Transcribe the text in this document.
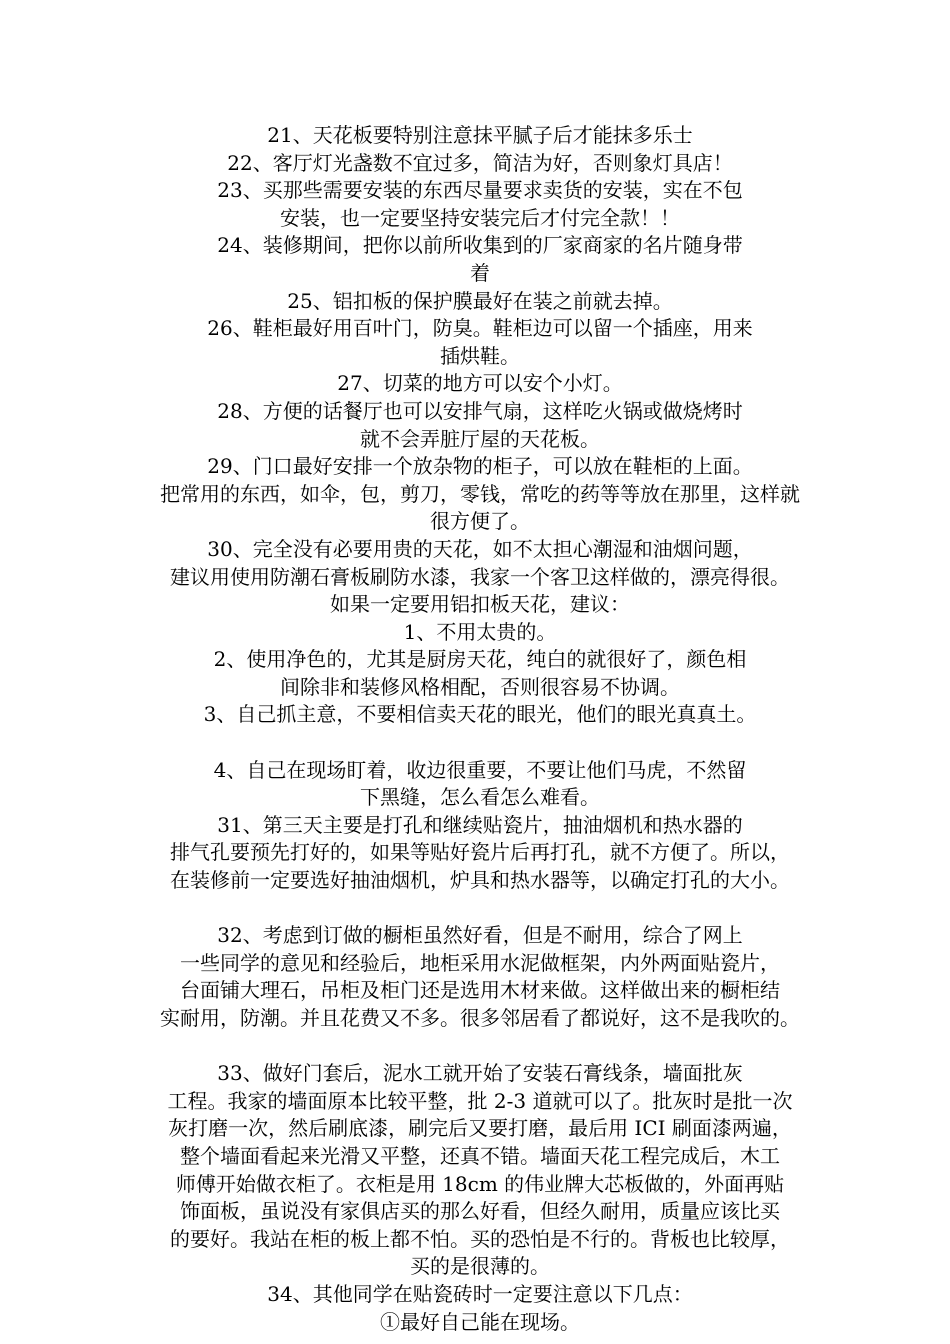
21、天花板要特别注意抹平腻子后才能抹多乐士
22、客厅灯光盏数不宜过多，简洁为好，否则象灯具店！
23、买那些需要安装的东西尽量要求卖货的安装，实在不包
安装，也一定要坚持安装完后才付完全款！！
24、装修期间，把你以前所收集到的厂家商家的名片随身带
着
25、铝扣板的保护膜最好在装之前就去掉。
26、鞋柜最好用百叶门，防臭。鞋柜边可以留一个插座，用来
插烘鞋。
27、切菜的地方可以安个小灯。
28、方便的话餐厅也可以安排气扇，这样吃火锅或做烧烤时
就不会弄脏厅屋的天花板。
29、门口最好安排一个放杂物的柜子，可以放在鞋柜的上面。
把常用的东西，如伞，包，剪刀，零钱，常吃的药等等放在那里，这样就
很方便了。
30、完全没有必要用贵的天花，如不太担心潮湿和油烟问题，
建议用使用防潮石膏板刷防水漆，我家一个客卫这样做的，漂亮得很。
如果一定要用铝扣板天花，建议：
1、不用太贵的。
2、使用净色的，尤其是厨房天花，纯白的就很好了，颜色相
间除非和装修风格相配，否则很容易不协调。
3、自己抓主意，不要相信卖天花的眼光，他们的眼光真真土。
4、自己在现场盯着，收边很重要，不要让他们马虎，不然留
下黑缝，怎么看怎么难看。
31、第三天主要是打孔和继续贴瓷片，抽油烟机和热水器的
排气孔要预先打好的，如果等贴好瓷片后再打孔，就不方便了。所以，
在装修前一定要选好抽油烟机，炉具和热水器等，以确定打孔的大小。
32、考虑到订做的橱柜虽然好看，但是不耐用，综合了网上
一些同学的意见和经验后，地柜采用水泥做框架，内外两面贴瓷片，
台面铺大理石，吊柜及柜门还是选用木材来做。这样做出来的橱柜结
实耐用，防潮。并且花费又不多。很多邻居看了都说好，这不是我吹的。
33、做好门套后，泥水工就开始了安装石膏线条，墙面批灰
工程。我家的墙面原本比较平整，批 2-3 道就可以了。批灰时是批一次
灰打磨一次，然后刷底漆，刷完后又要打磨，最后用 ICI 刷面漆两遍，
整个墙面看起来光滑又平整，还真不错。墙面天花工程完成后，木工
师傅开始做衣柜了。衣柜是用 18cm 的伟业牌大芯板做的，外面再贴
饰面板，虽说没有家俱店买的那么好看，但经久耐用，质量应该比买
的要好。我站在柜的板上都不怕。买的恐怕是不行的。背板也比较厚，
买的是很薄的。
34、其他同学在贴瓷砖时一定要注意以下几点：
①最好自己能在现场。
